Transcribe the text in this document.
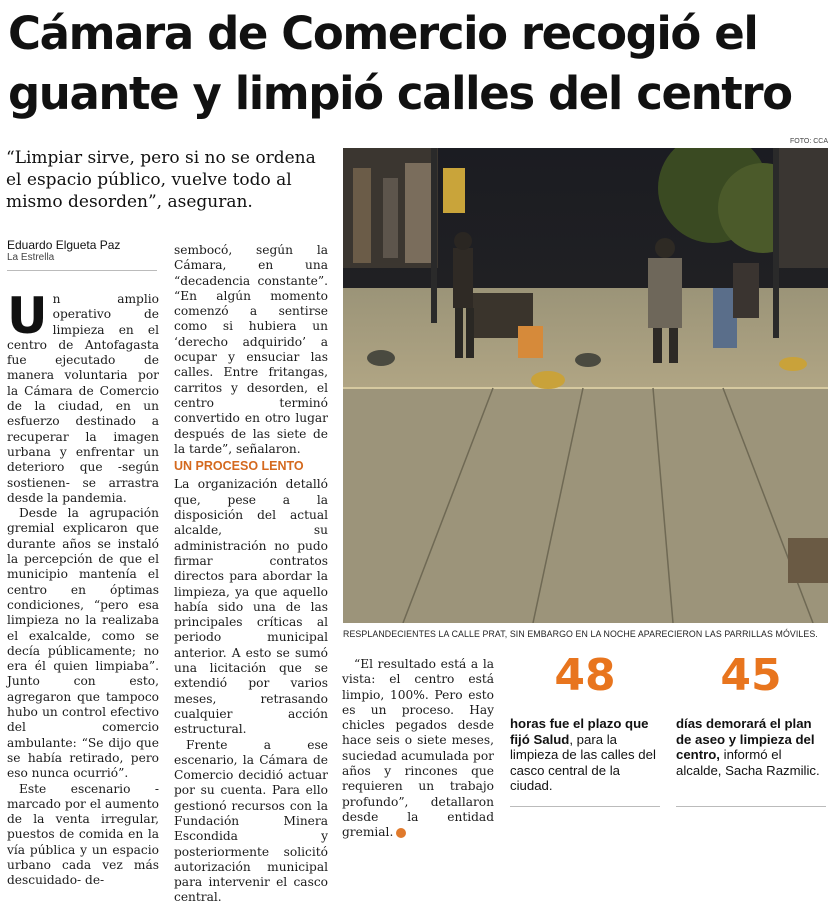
Cámara de Comercio recogió el guante y limpió calles del centro
“Limpiar sirve, pero si no se ordena el espacio público, vuelve todo al mismo desorden”, aseguran.
Eduardo Elgueta Paz
La Estrella

Un amplio operativo de limpieza en el centro de Antofagasta fue ejecutado de manera voluntaria por la Cámara de Comercio de la ciudad, en un esfuerzo destinado a recuperar la imagen urbana y enfrentar un deterioro que -según sostienen- se arrastra desde la pandemia.

Desde la agrupación gremial explicaron que durante años se instaló la percepción de que el municipio mantenía el centro en óptimas condiciones, “pero esa limpieza no la realizaba el exalcalde, como se decía públicamente; no era él quien limpiaba”. Junto con esto, agregaron que tampoco hubo un control efectivo del comercio ambulante: “Se dijo que se había retirado, pero eso nunca ocurrió”.

Este escenario -marcado por el aumento de la venta irregular, puestos de comida en la vía pública y un espacio urbano cada vez más descuidado- de-

sembocó, según la Cámara, en una “decadencia constante”. “En algún momento comenzó a sentirse como si hubiera un ‘derecho adquirido’ a ocupar y ensuciar las calles. Entre fritangas, carritos y desorden, el centro terminó convertido en otro lugar después de las siete de la tarde”, señalaron.

UN PROCESO LENTO

La organización detalló que, pese a la disposición del actual alcalde, su administración no pudo firmar contratos directos para abordar la limpieza, ya que aquello había sido una de las principales críticas al periodo municipal anterior. A esto se sumó una licitación que se extendió por varios meses, retrasando cualquier acción estructural.

Frente a ese escenario, la Cámara de Comercio decidió actuar por su cuenta. Para ello gestionó recursos con la Fundación Minera Escondida y posteriormente solicitó autorización municipal para intervenir el casco central.

FOTO: CCA
RESPLANDECIENTES LA CALLE PRAT, SIN EMBARGO EN LA NOCHE APARECIERON LAS PARRILLAS MÓVILES.

“El resultado está a la vista: el centro está limpio, 100%. Pero esto es un proceso. Hay chicles pegados desde hace seis o siete meses, suciedad acumulada por años y rincones que requieren un trabajo profundo”, detallaron desde la entidad gremial.

48
horas fue el plazo que fijó Salud, para la limpieza de las calles del casco central de la ciudad.
45
días demorará el plan de aseo y limpieza del centro, informó el alcalde, Sacha Razmilic.
